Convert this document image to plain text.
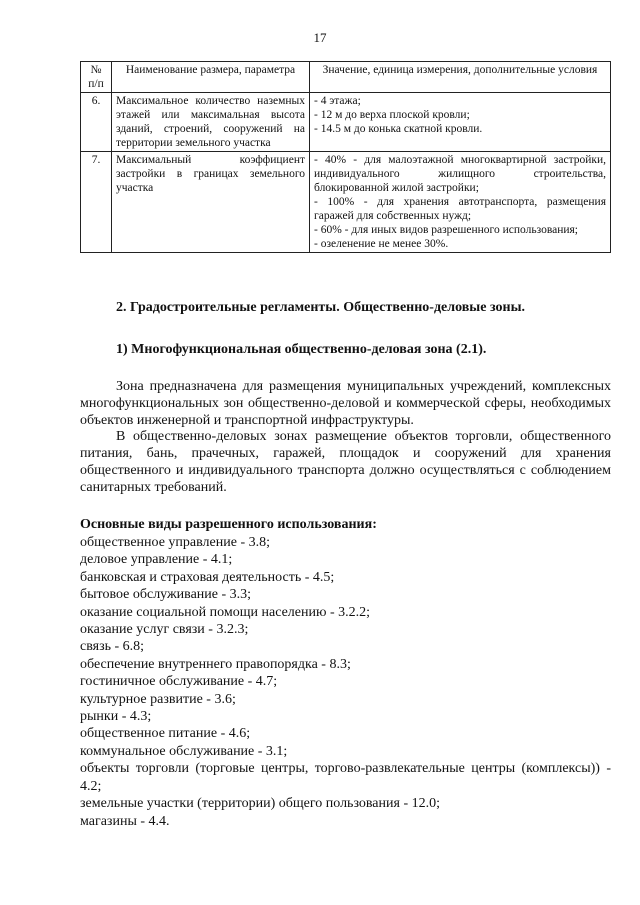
17
№ п/п	Наименование размера, параметра	Значение, единица измерения, дополнительные условия
6.	Максимальное количество наземных этажей или максимальная высота зданий, строений, сооружений на территории земельного участка	- 4 этажа;
- 12 м до верха плоской кровли;
- 14.5 м до конька скатной кровли.

7.	Максимальный коэффициент застройки в границах земельного участка	- 40% - для малоэтажной многоквартирной застройки, индивидуального жилищного строительства, блокированной жилой застройки;
- 100% - для хранения автотранспорта, размещения гаражей для собственных нужд;
- 60% - для иных видов разрешенного использования;
- озеленение не менее 30%.
2. Градостроительные регламенты. Общественно-деловые зоны.
1) Многофункциональная общественно-деловая зона (2.1).

Зона предназначена для размещения муниципальных учреждений, комплексных многофункциональных зон общественно-деловой и коммерческой сферы, необходимых объектов инженерной и транспортной инфраструктуры.

В общественно-деловых зонах размещение объектов торговли, общественного питания, бань, прачечных, гаражей, площадок и сооружений для хранения общественного и индивидуального транспорта должно осуществляться с соблюдением санитарных требований.

Основные виды разрешенного использования:
общественное управление - 3.8;
деловое управление - 4.1;
банковская и страховая деятельность - 4.5;
бытовое обслуживание - 3.3;
оказание социальной помощи населению - 3.2.2;
оказание услуг связи - 3.2.3;
связь - 6.8;
обеспечение внутреннего правопорядка - 8.3;
гостиничное обслуживание - 4.7;
культурное развитие - 3.6;
рынки - 4.3;
общественное питание - 4.6;
коммунальное обслуживание - 3.1;
объекты торговли (торговые центры, торгово-развлекательные центры (комплексы)) - 4.2;
земельные участки (территории) общего пользования - 12.0;
магазины - 4.4.
